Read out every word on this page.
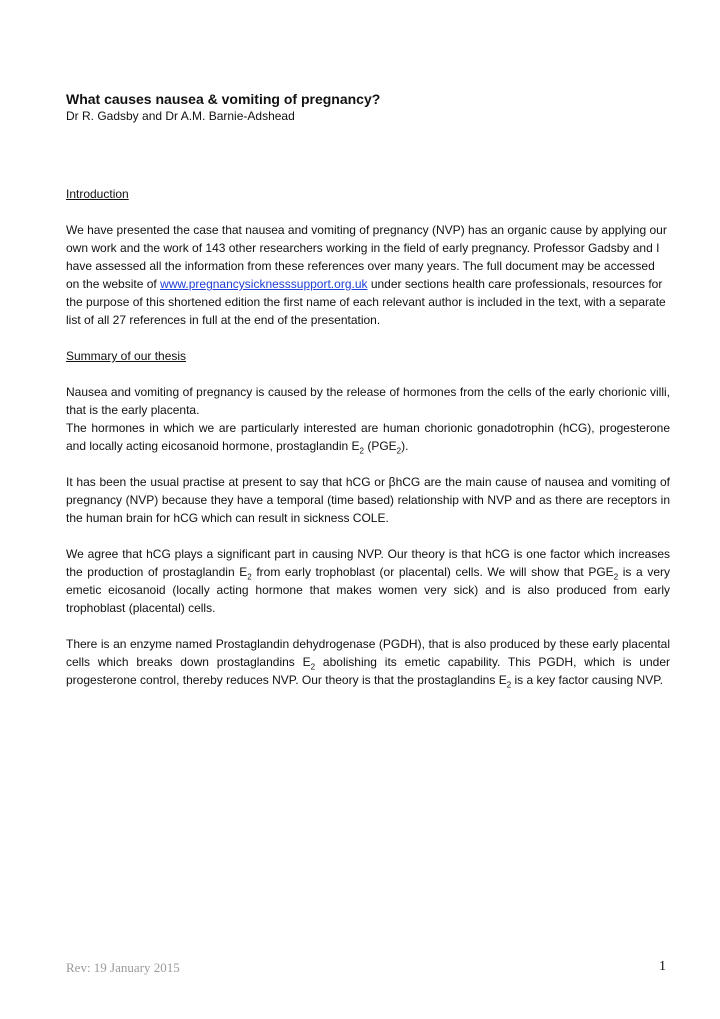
What causes nausea & vomiting of pregnancy?

Dr R. Gadsby and Dr A.M. Barnie-Adshead

Introduction

We have presented the case that nausea and vomiting of pregnancy (NVP) has an organic cause by applying our own work and the work of 143 other researchers working in the field of early pregnancy. Professor Gadsby and I have assessed all the information from these references over many years. The full document may be accessed on the website of www.pregnancysicknesssupport.org.uk under sections health care professionals, resources for the purpose of this shortened edition the first name of each relevant author is included in the text, with a separate list of all 27 references in full at the end of the presentation.

Summary of our thesis

Nausea and vomiting of pregnancy is caused by the release of hormones from the cells of the early chorionic villi, that is the early placenta.

The hormones in which we are particularly interested are human chorionic gonadotrophin (hCG), progesterone and locally acting eicosanoid hormone, prostaglandin $E_2$ $(PGE_2)$.

It has been the usual practise at present to say that hCG or βhCG are the main cause of nausea and vomiting of pregnancy (NVP) because they have a temporal (time based) relationship with NVP and as there are receptors in the human brain for hCG which can result in sickness COLE.

We agree that hCG plays a significant part in causing NVP. Our theory is that hCG is one factor which increases the production of prostaglandin $E_2$ from early trophoblast (or placental) cells. We will show that $PGE_2$ is a very emetic eicosanoid (locally acting hormone that makes women very sick) and is also produced from early trophoblast (placental) cells.

There is an enzyme named Prostaglandin dehydrogenase (PGDH), that is also produced by these early placental cells which breaks down prostaglandins $E_2$ abolishing its emetic capability. This PGDH, which is under progesterone control, thereby reduces NVP. Our theory is that the prostaglandins $E_2$ is a key factor causing NVP.

Rev: 19 January 2015	1
